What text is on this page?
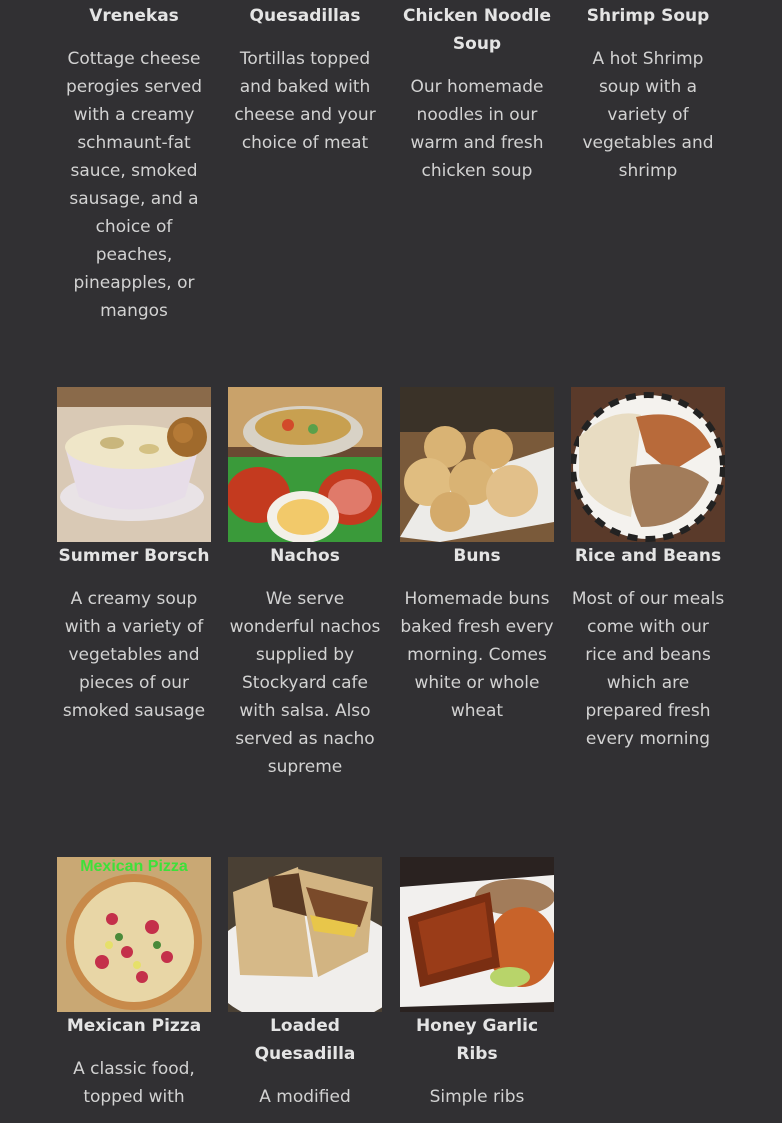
Vrenekas

Cottage cheese perogies served with a creamy schmaunt-fat sauce, smoked sausage, and a choice of peaches, pineapples, or mangos

Quesadillas

Tortillas topped and baked with cheese and your choice of meat

Chicken Noodle Soup

Our homemade noodles in our warm and fresh chicken soup

Shrimp Soup

A hot Shrimp soup with a variety of vegetables and shrimp

Summer Borsch

A creamy soup with a variety of vegetables and pieces of our smoked sausage

Nachos

We serve wonderful nachos supplied by Stockyard cafe with salsa. Also served as nacho supreme

Buns

Homemade buns baked fresh every morning. Comes white or whole wheat

Rice and Beans

Most of our meals come with our rice and beans which are prepared fresh every morning

Mexican Pizza
Mexican Pizza

A classic food, topped with

Loaded Quesadilla

A modified

Honey Garlic Ribs

Simple ribs
